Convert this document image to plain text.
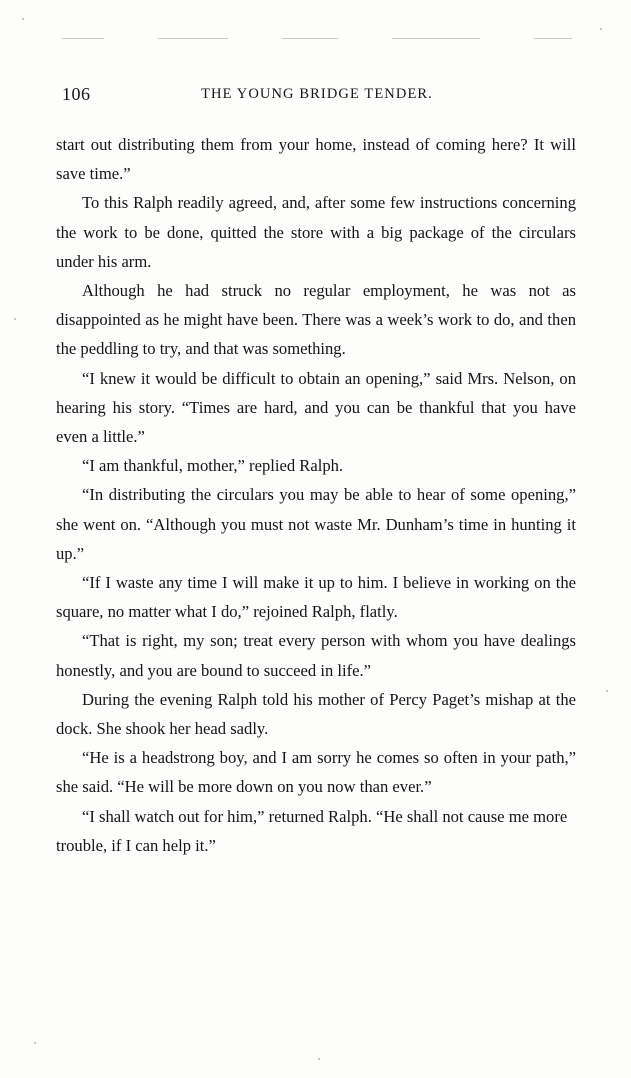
106	THE YOUNG BRIDGE TENDER.

start out distributing them from your home, instead of coming here? It will save time.”

To this Ralph readily agreed, and, after some few instructions concerning the work to be done, quitted the store with a big package of the circulars under his arm.

Although he had struck no regular employment, he was not as disappointed as he might have been. There was a week’s work to do, and then the peddling to try, and that was something.

“I knew it would be difficult to obtain an opening,” said Mrs. Nelson, on hearing his story. “Times are hard, and you can be thankful that you have even a little.”

“I am thankful, mother,” replied Ralph.

“In distributing the circulars you may be able to hear of some opening,” she went on. “Although you must not waste Mr. Dunham’s time in hunting it up.”

“If I waste any time I will make it up to him. I believe in working on the square, no matter what I do,” rejoined Ralph, flatly.

“That is right, my son; treat every person with whom you have dealings honestly, and you are bound to succeed in life.”

During the evening Ralph told his mother of Percy Paget’s mishap at the dock. She shook her head sadly.

“He is a headstrong boy, and I am sorry he comes so often in your path,” she said. “He will be more down on you now than ever.”

“I shall watch out for him,” returned Ralph. “He shall not cause me more trouble, if I can help it.”
